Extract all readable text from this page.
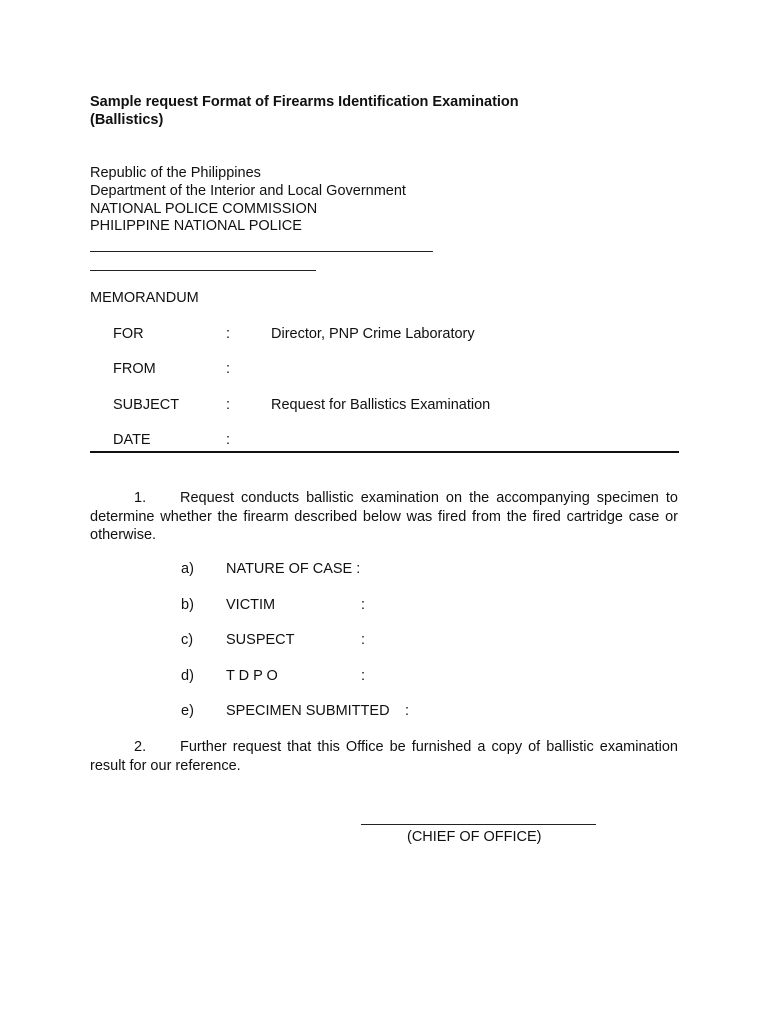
Sample request Format of Firearms Identification Examination
(Ballistics)
Republic of the Philippines
Department of the Interior and Local Government
NATIONAL POLICE COMMISSION
PHILIPPINE NATIONAL POLICE
MEMORANDUM
FOR	:	Director, PNP Crime Laboratory
FROM	:
SUBJECT	:	Request for Ballistics Examination
DATE	:
1. Request conducts ballistic examination on the accompanying specimen to determine whether the firearm described below was fired from the fired cartridge case or otherwise.
a) NATURE OF CASE :
b) VICTIM	:
c) SUSPECT	:
d) T D P O	:
e) SPECIMEN SUBMITTED :
2. Further request that this Office be furnished a copy of ballistic examination result for our reference.
(CHIEF OF OFFICE)
